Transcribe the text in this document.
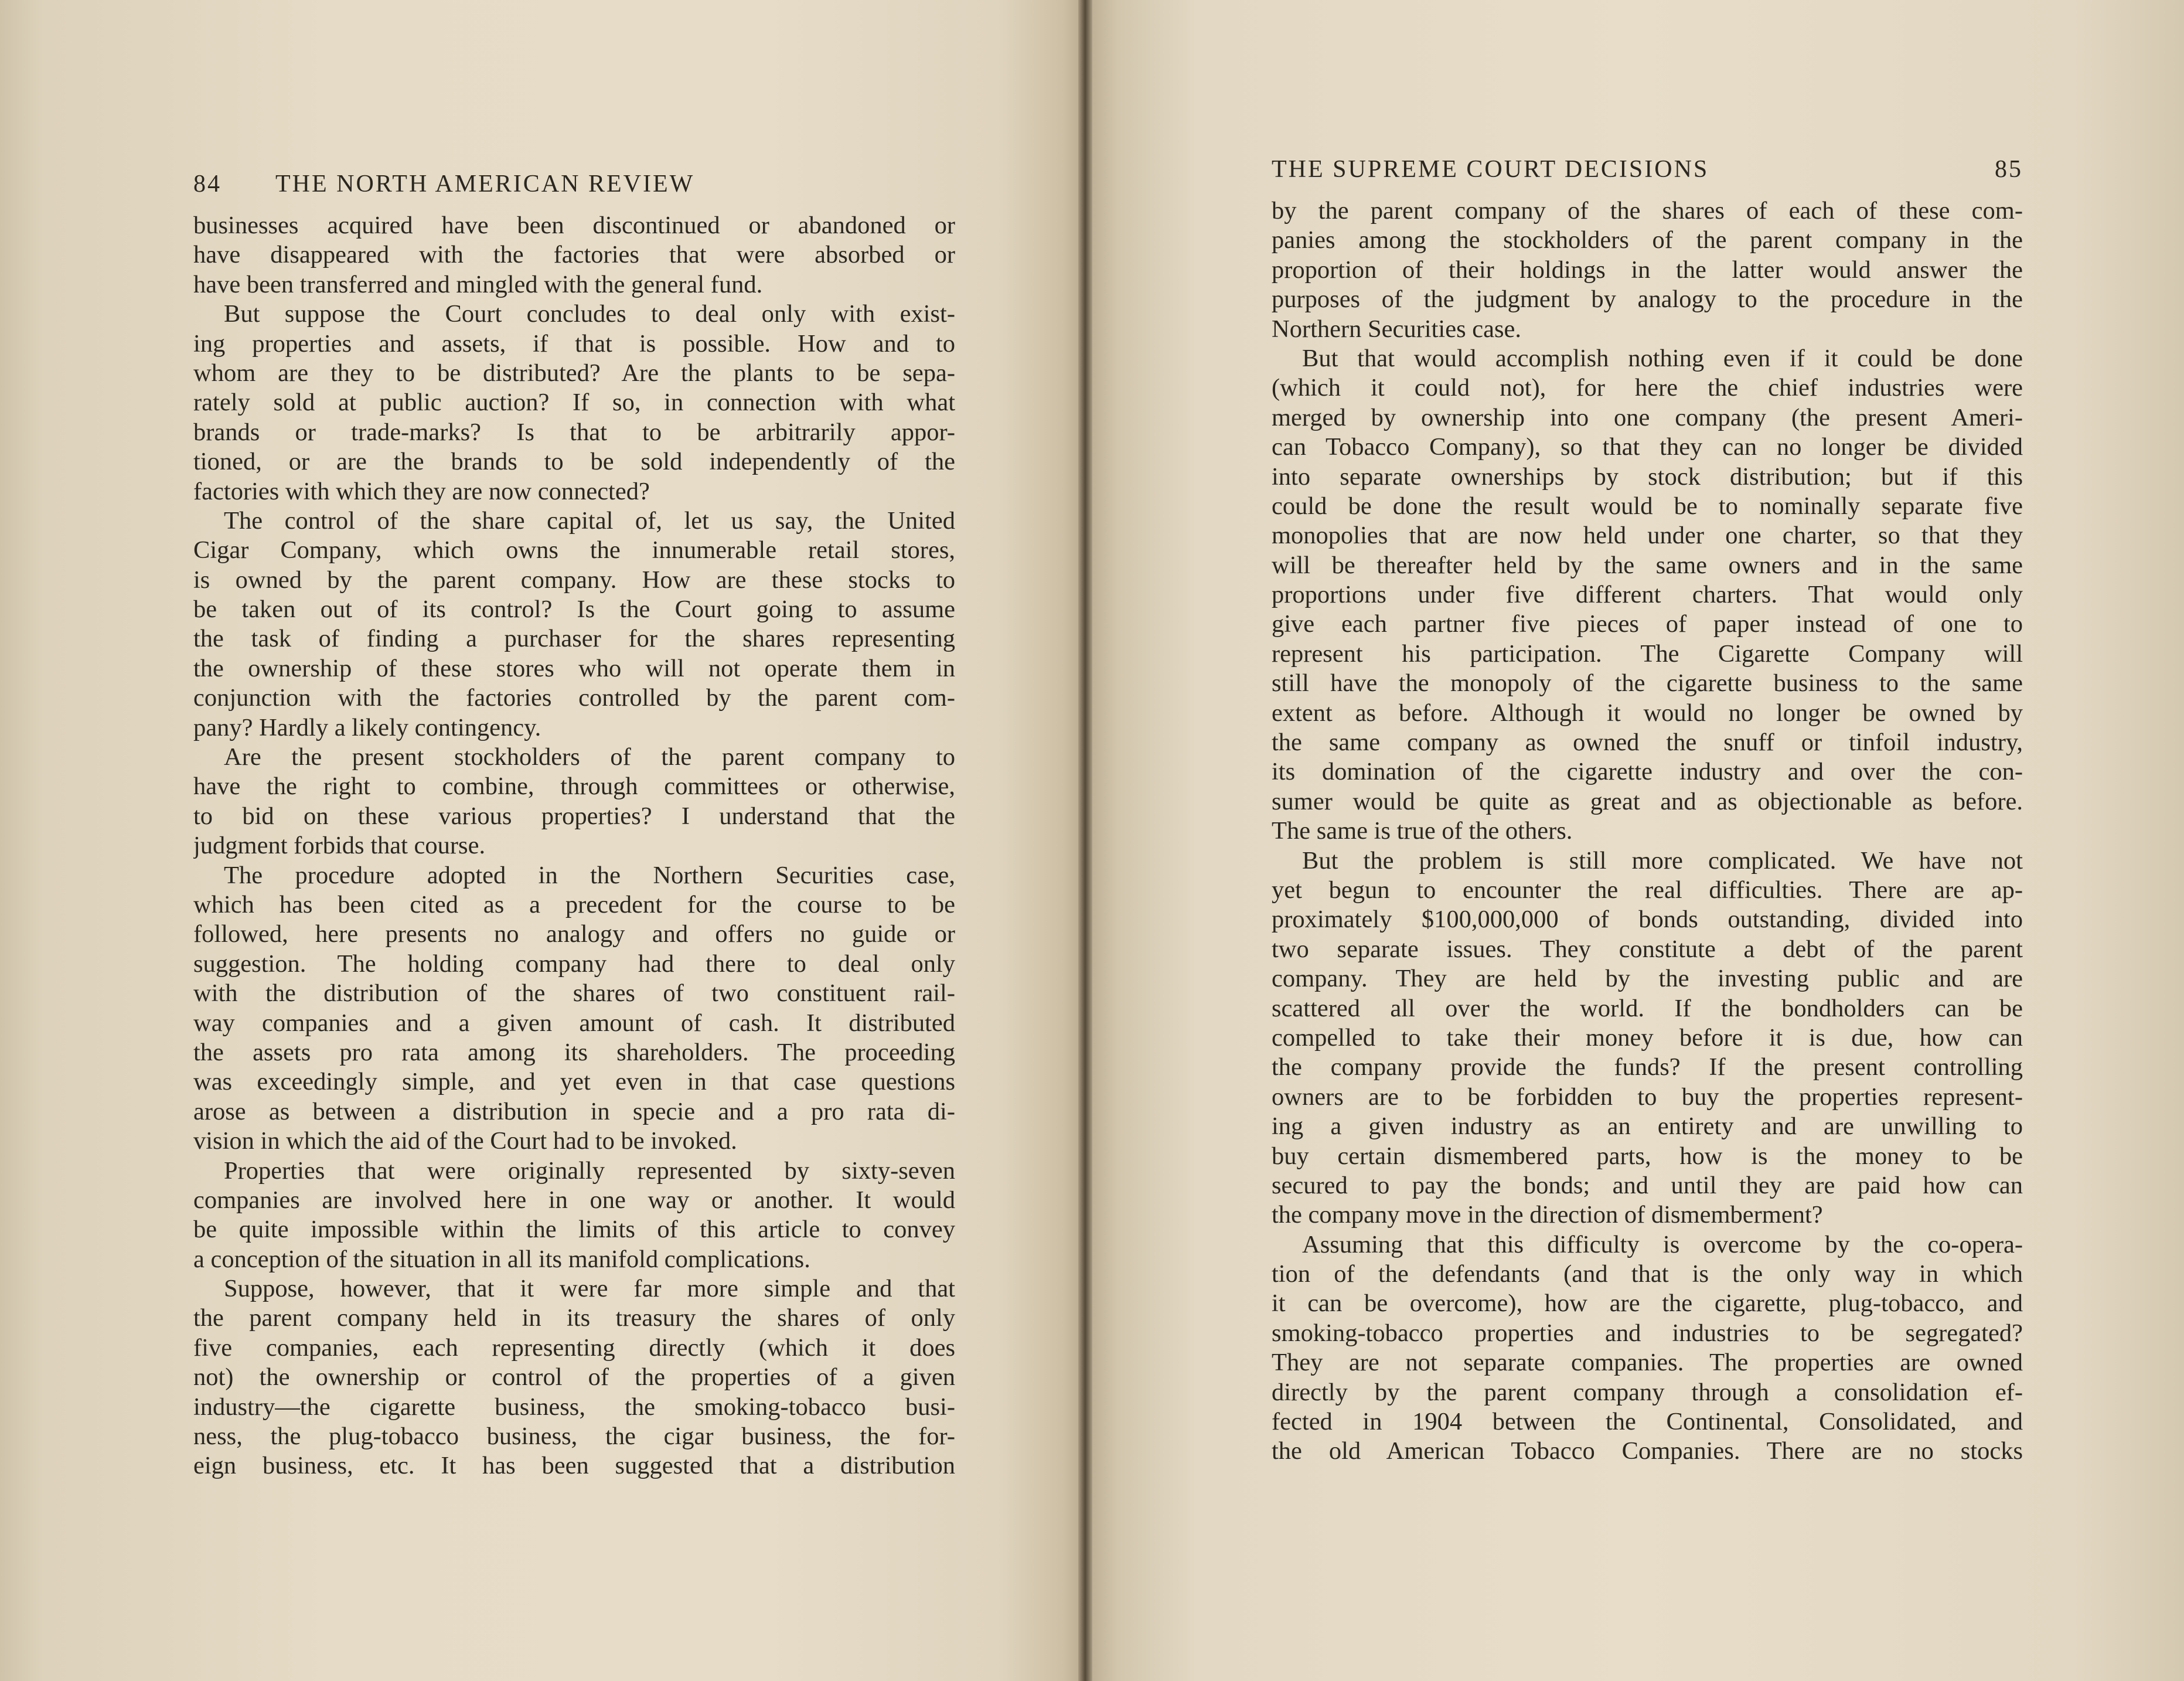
84	THE NORTH AMERICAN REVIEW
businesses acquired have been discontinued or abandoned or
have disappeared with the factories that were absorbed or
have been transferred and mingled with the general fund.
But suppose the Court concludes to deal only with exist-
ing properties and assets, if that is possible. How and to
whom are they to be distributed? Are the plants to be sepa-
rately sold at public auction? If so, in connection with what
brands or trade-marks? Is that to be arbitrarily appor-
tioned, or are the brands to be sold independently of the
factories with which they are now connected?
The control of the share capital of, let us say, the United
Cigar Company, which owns the innumerable retail stores,
is owned by the parent company. How are these stocks to
be taken out of its control? Is the Court going to assume
the task of finding a purchaser for the shares representing
the ownership of these stores who will not operate them in
conjunction with the factories controlled by the parent com-
pany? Hardly a likely contingency.
Are the present stockholders of the parent company to
have the right to combine, through committees or otherwise,
to bid on these various properties? I understand that the
judgment forbids that course.
The procedure adopted in the Northern Securities case,
which has been cited as a precedent for the course to be
followed, here presents no analogy and offers no guide or
suggestion. The holding company had there to deal only
with the distribution of the shares of two constituent rail-
way companies and a given amount of cash. It distributed
the assets pro rata among its shareholders. The proceeding
was exceedingly simple, and yet even in that case questions
arose as between a distribution in specie and a pro rata di-
vision in which the aid of the Court had to be invoked.
Properties that were originally represented by sixty-seven
companies are involved here in one way or another. It would
be quite impossible within the limits of this article to convey
a conception of the situation in all its manifold complications.
Suppose, however, that it were far more simple and that
the parent company held in its treasury the shares of only
five companies, each representing directly (which it does
not) the ownership or control of the properties of a given
industry—the cigarette business, the smoking-tobacco busi-
ness, the plug-tobacco business, the cigar business, the for-
eign business, etc. It has been suggested that a distribution
THE SUPREME COURT DECISIONS	85
by the parent company of the shares of each of these com-
panies among the stockholders of the parent company in the
proportion of their holdings in the latter would answer the
purposes of the judgment by analogy to the procedure in the
Northern Securities case.
But that would accomplish nothing even if it could be done
(which it could not), for here the chief industries were
merged by ownership into one company (the present Ameri-
can Tobacco Company), so that they can no longer be divided
into separate ownerships by stock distribution; but if this
could be done the result would be to nominally separate five
monopolies that are now held under one charter, so that they
will be thereafter held by the same owners and in the same
proportions under five different charters. That would only
give each partner five pieces of paper instead of one to
represent his participation. The Cigarette Company will
still have the monopoly of the cigarette business to the same
extent as before. Although it would no longer be owned by
the same company as owned the snuff or tinfoil industry,
its domination of the cigarette industry and over the con-
sumer would be quite as great and as objectionable as before.
The same is true of the others.
But the problem is still more complicated. We have not
yet begun to encounter the real difficulties. There are ap-
proximately $100,000,000 of bonds outstanding, divided into
two separate issues. They constitute a debt of the parent
company. They are held by the investing public and are
scattered all over the world. If the bondholders can be
compelled to take their money before it is due, how can
the company provide the funds? If the present controlling
owners are to be forbidden to buy the properties represent-
ing a given industry as an entirety and are unwilling to
buy certain dismembered parts, how is the money to be
secured to pay the bonds; and until they are paid how can
the company move in the direction of dismemberment?
Assuming that this difficulty is overcome by the co-opera-
tion of the defendants (and that is the only way in which
it can be overcome), how are the cigarette, plug-tobacco, and
smoking-tobacco properties and industries to be segregated?
They are not separate companies. The properties are owned
directly by the parent company through a consolidation ef-
fected in 1904 between the Continental, Consolidated, and
the old American Tobacco Companies. There are no stocks
